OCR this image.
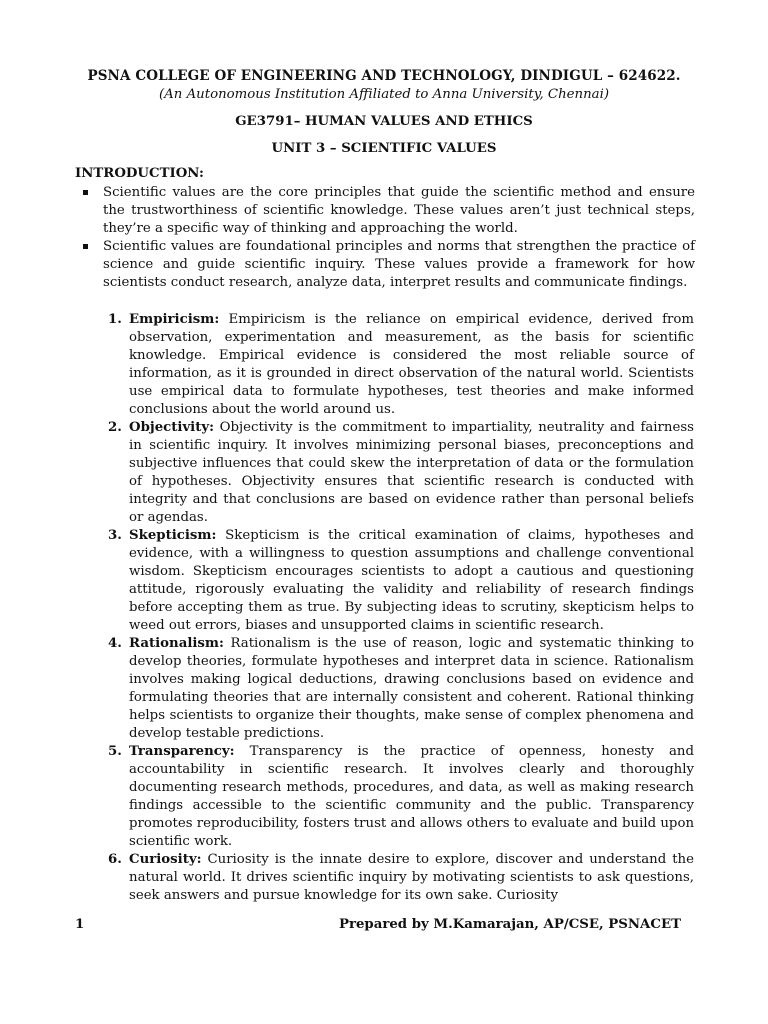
PSNA COLLEGE OF ENGINEERING AND TECHNOLOGY, DINDIGUL – 624622.
(An Autonomous Institution Affiliated to Anna University, Chennai)
GE3791– HUMAN VALUES AND ETHICS
UNIT 3 – SCIENTIFIC VALUES
INTRODUCTION:
Scientific values are the core principles that guide the scientific method and ensure the trustworthiness of scientific knowledge. These values aren’t just technical steps, they’re a specific way of thinking and approaching the world.
Scientific values are foundational principles and norms that strengthen the practice of science and guide scientific inquiry. These values provide a framework for how scientists conduct research, analyze data, interpret results and communicate findings.
1. Empiricism: Empiricism is the reliance on empirical evidence, derived from observation, experimentation and measurement, as the basis for scientific knowledge. Empirical evidence is considered the most reliable source of information, as it is grounded in direct observation of the natural world. Scientists use empirical data to formulate hypotheses, test theories and make informed conclusions about the world around us.
2. Objectivity: Objectivity is the commitment to impartiality, neutrality and fairness in scientific inquiry. It involves minimizing personal biases, preconceptions and subjective influences that could skew the interpretation of data or the formulation of hypotheses. Objectivity ensures that scientific research is conducted with integrity and that conclusions are based on evidence rather than personal beliefs or agendas.
3. Skepticism: Skepticism is the critical examination of claims, hypotheses and evidence, with a willingness to question assumptions and challenge conventional wisdom. Skepticism encourages scientists to adopt a cautious and questioning attitude, rigorously evaluating the validity and reliability of research findings before accepting them as true. By subjecting ideas to scrutiny, skepticism helps to weed out errors, biases and unsupported claims in scientific research.
4. Rationalism: Rationalism is the use of reason, logic and systematic thinking to develop theories, formulate hypotheses and interpret data in science. Rationalism involves making logical deductions, drawing conclusions based on evidence and formulating theories that are internally consistent and coherent. Rational thinking helps scientists to organize their thoughts, make sense of complex phenomena and develop testable predictions.
5. Transparency: Transparency is the practice of openness, honesty and accountability in scientific research. It involves clearly and thoroughly documenting research methods, procedures, and data, as well as making research findings accessible to the scientific community and the public. Transparency promotes reproducibility, fosters trust and allows others to evaluate and build upon scientific work.
6. Curiosity: Curiosity is the innate desire to explore, discover and understand the natural world. It drives scientific inquiry by motivating scientists to ask questions, seek answers and pursue knowledge for its own sake. Curiosity
1	Prepared by M.Kamarajan, AP/CSE, PSNACET
